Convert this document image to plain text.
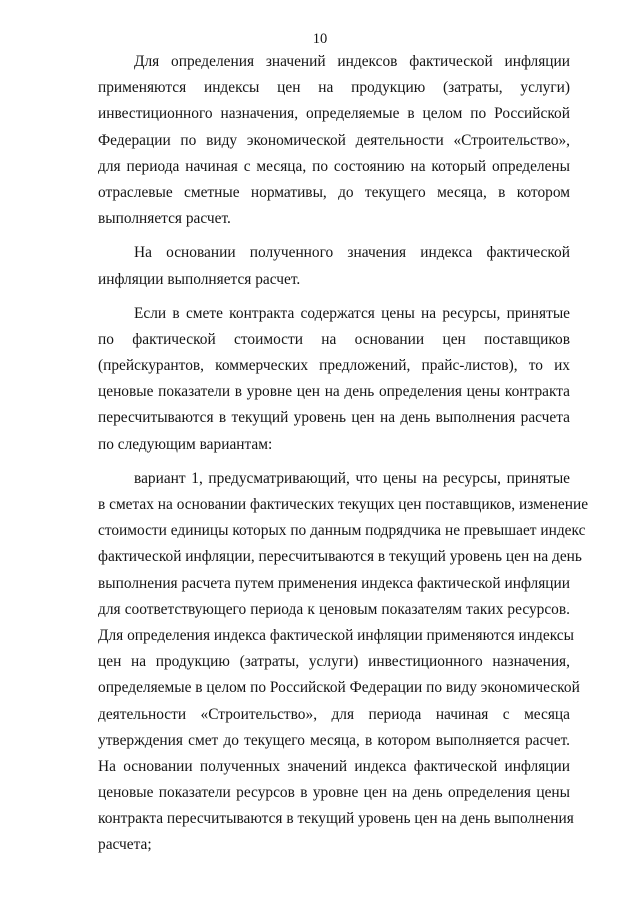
10
Для определения значений индексов фактической инфляции
применяются индексы цен на продукцию (затраты, услуги)
инвестиционного назначения, определяемые в целом по Российской
Федерации по виду экономической деятельности «Строительство»,
для периода начиная с месяца, по состоянию на который определены
отраслевые сметные нормативы, до текущего месяца, в котором
выполняется расчет.
На основании полученного значения индекса фактической
инфляции выполняется расчет.
Если в смете контракта содержатся цены на ресурсы, принятые
по фактической стоимости на основании цен поставщиков
(прейскурантов, коммерческих предложений, прайс-листов), то их
ценовые показатели в уровне цен на день определения цены контракта
пересчитываются в текущий уровень цен на день выполнения расчета
по следующим вариантам:
вариант 1, предусматривающий, что цены на ресурсы, принятые
в сметах на основании фактических текущих цен поставщиков, изменение
стоимости единицы которых по данным подрядчика не превышает индекс
фактической инфляции, пересчитываются в текущий уровень цен на день
выполнения расчета путем применения индекса фактической инфляции
для соответствующего периода к ценовым показателям таких ресурсов.
Для определения индекса фактической инфляции применяются индексы
цен на продукцию (затраты, услуги) инвестиционного назначения,
определяемые в целом по Российской Федерации по виду экономической
деятельности «Строительство», для периода начиная с месяца
утверждения смет до текущего месяца, в котором выполняется расчет.
На основании полученных значений индекса фактической инфляции
ценовые показатели ресурсов в уровне цен на день определения цены
контракта пересчитываются в текущий уровень цен на день выполнения
расчета;
